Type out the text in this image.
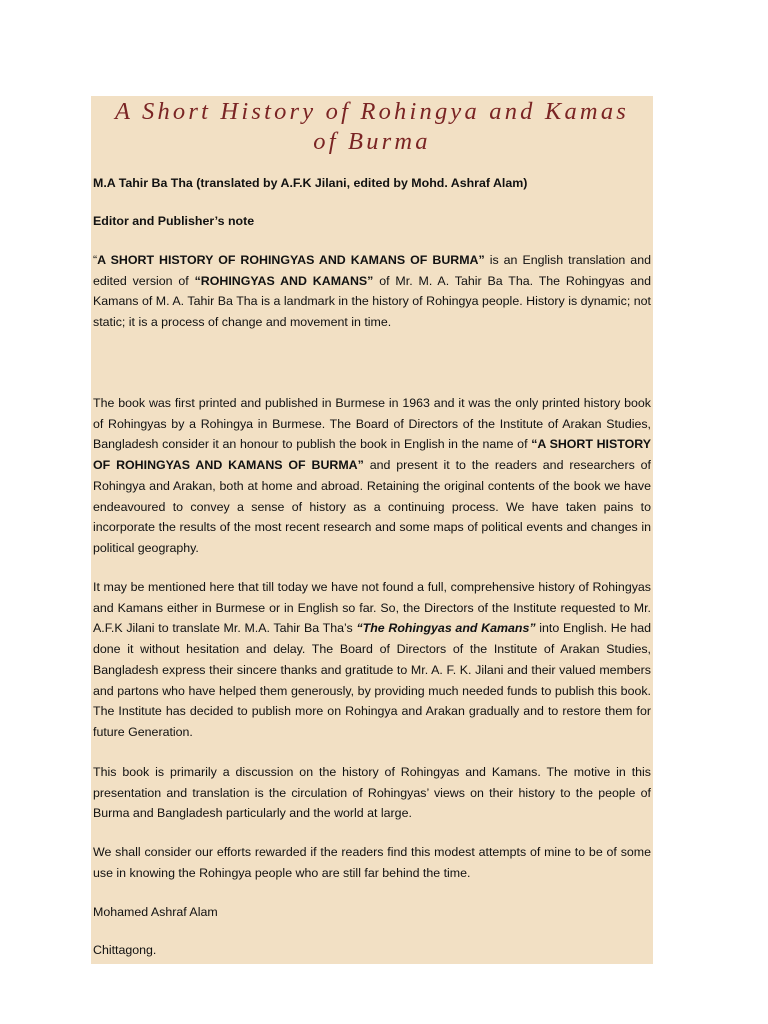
A Short History of Rohingya and Kamas
of Burma

M.A Tahir Ba Tha (translated by A.F.K Jilani, edited by Mohd. Ashraf Alam)

Editor and Publisher’s note

“A SHORT HISTORY OF ROHINGYAS AND KAMANS OF BURMA” is an English translation and edited version of “ROHINGYAS AND KAMANS” of Mr. M. A. Tahir Ba Tha. The Rohingyas and Kamans of M. A. Tahir Ba Tha is a landmark in the history of Rohingya people. History is dynamic; not static; it is a process of change and movement in time.

The book was first printed and published in Burmese in 1963 and it was the only printed history book of Rohingyas by a Rohingya in Burmese. The Board of Directors of the Institute of Arakan Studies, Bangladesh consider it an honour to publish the book in English in the name of “A SHORT HISTORY OF ROHINGYAS AND KAMANS OF BURMA” and present it to the readers and researchers of Rohingya and Arakan, both at home and abroad. Retaining the original contents of the book we have endeavoured to convey a sense of history as a continuing process. We have taken pains to incorporate the results of the most recent research and some maps of political events and changes in political geography.

It may be mentioned here that till today we have not found a full, comprehensive history of Rohingyas and Kamans either in Burmese or in English so far. So, the Directors of the Institute requested to Mr. A.F.K Jilani to translate Mr. M.A. Tahir Ba Tha’s “The Rohingyas and Kamans” into English. He had done it without hesitation and delay. The Board of Directors of the Institute of Arakan Studies, Bangladesh express their sincere thanks and gratitude to Mr. A. F. K. Jilani and their valued members and partons who have helped them generously, by providing much needed funds to publish this book. The Institute has decided to publish more on Rohingya and Arakan gradually and to restore them for future Generation.

This book is primarily a discussion on the history of Rohingyas and Kamans. The motive in this presentation and translation is the circulation of Rohingyas’ views on their history to the people of Burma and Bangladesh particularly and the world at large.

We shall consider our efforts rewarded if the readers find this modest attempts of mine to be of some use in knowing the Rohingya people who are still far behind the time.

Mohamed Ashraf Alam

Chittagong.
